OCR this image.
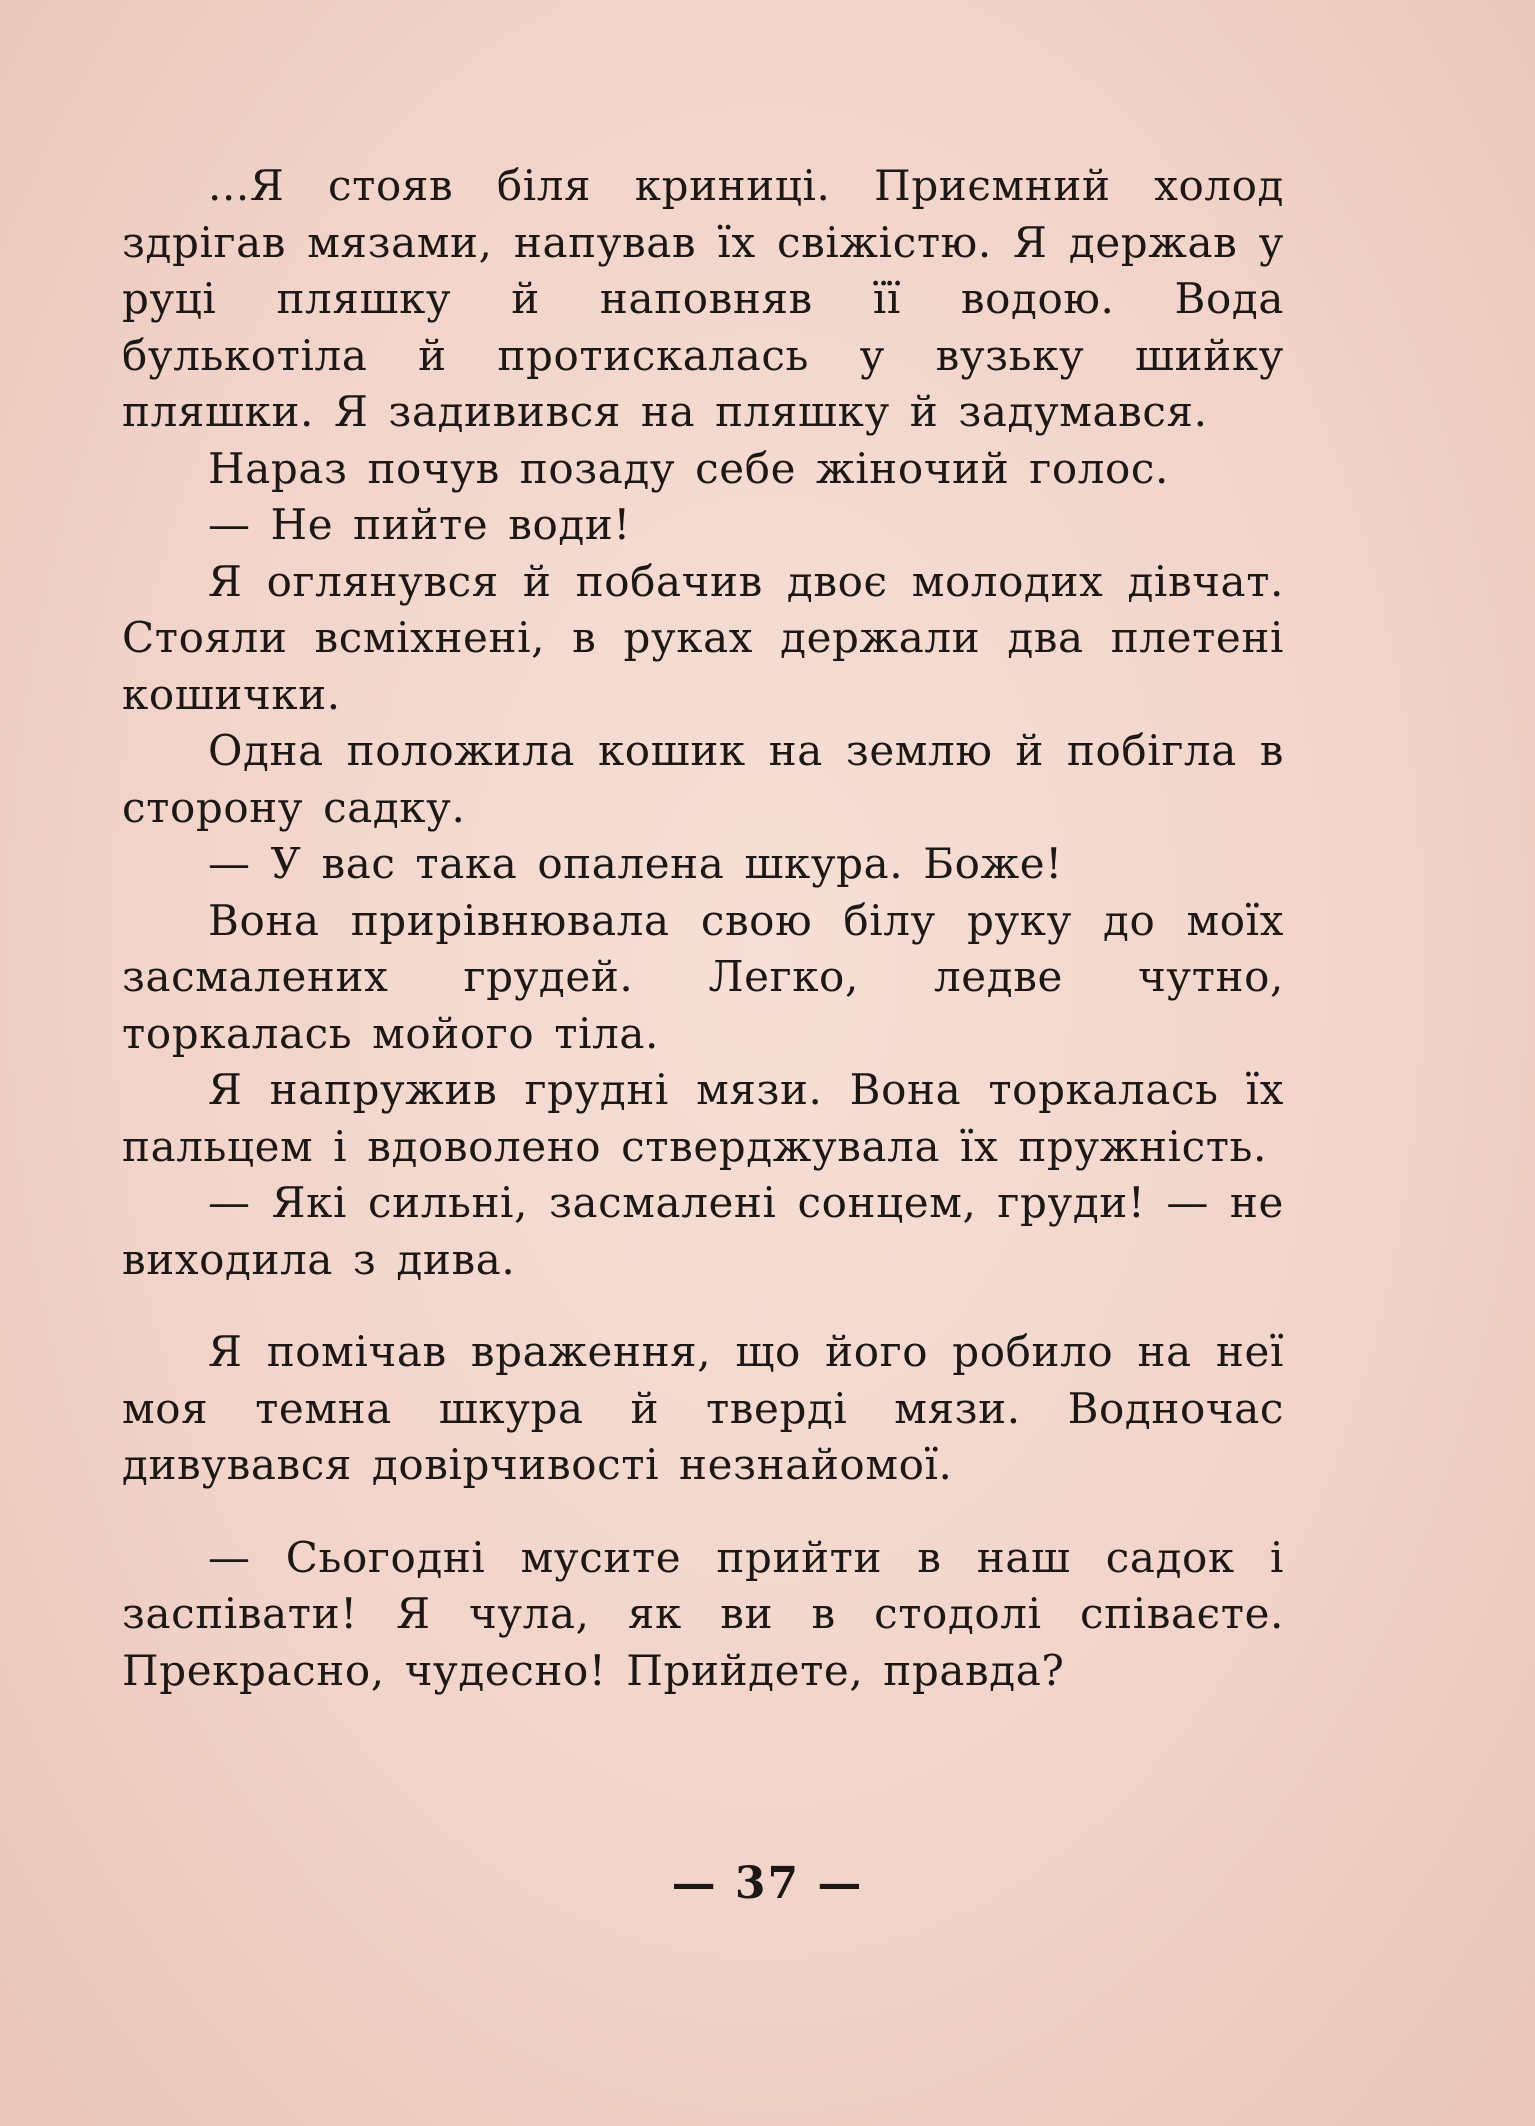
...Я стояв біля криниці. Приємний холод здрігав мязами, напував їх свіжістю. Я держав у руці пляшку й наповняв її водою. Вода булькотіла й протискалась у вузьку шийку пляшки. Я задивився на пляшку й задумався.

Нараз почув позаду себе жіночий голос.

— Не пийте води!

Я оглянувся й побачив двоє молодих дівчат. Стояли всміхнені, в руках держали два плетені кошички.

Одна положила кошик на землю й побігла в сторону садку.

— У вас така опалена шкура. Боже!

Вона прирівнювала свою білу руку до моїх засмалених грудей. Легко, ледве чутно, торкалась мойого тіла.

Я напружив грудні мязи. Вона торкалась їх пальцем і вдоволено стверджувала їх пружність.

— Які сильні, засмалені сонцем, груди! — не виходила з дива.

Я помічав враження, що його робило на неї моя темна шкура й тверді мязи. Водночас дивувався довірчивості незнайомої.

— Сьогодні мусите прийти в наш садок і заспівати! Я чула, як ви в стодолі співаєте. Прекрасно, чудесно! Прийдете, правда?

— 37 —
